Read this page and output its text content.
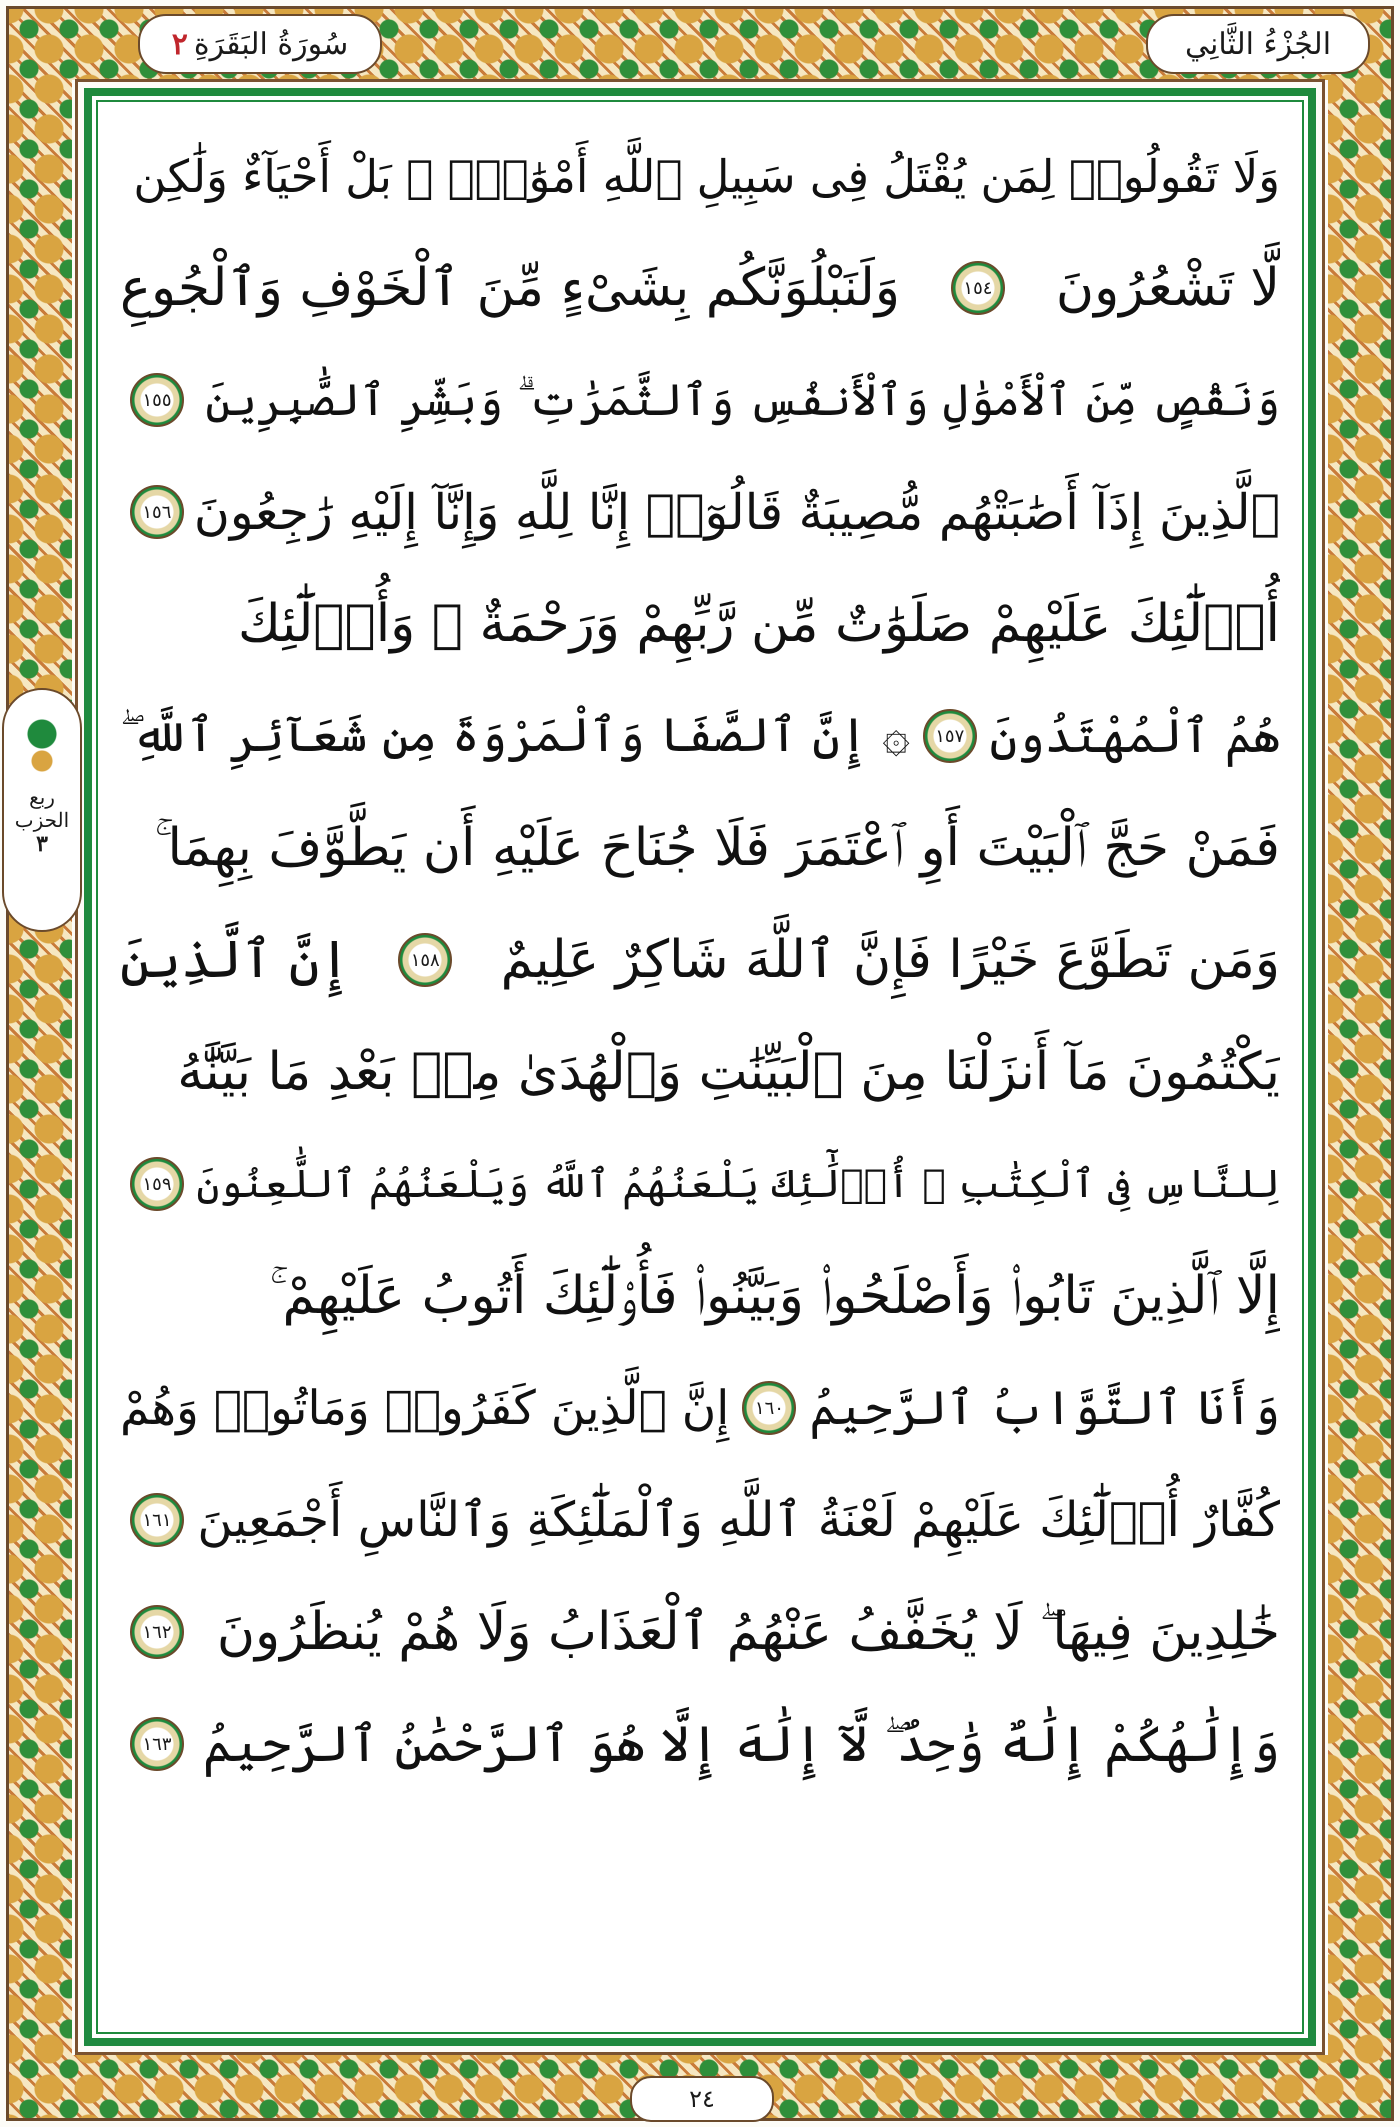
الجُزْءُ الثَّانِي
سُورَةُ البَقَرَةِ
٢
ربع
الحزب
٣
وَلَا تَقُولُوا۟ لِمَن يُقْتَلُ فِى سَبِيلِ ٱللَّهِ أَمْوَٰتٌۢ ۚ بَلْ أَحْيَآءٌ وَلَٰكِن
لَّا تَشْعُرُونَ
١٥٤
وَلَنَبْلُوَنَّكُم بِشَىْءٍ مِّنَ ٱلْخَوْفِ وَٱلْجُوعِ
وَنَقْصٍ مِّنَ ٱلْأَمْوَٰلِ وَٱلْأَنفُسِ وَٱلثَّمَرَٰتِ ۗ وَبَشِّرِ ٱلصَّٰبِرِينَ
١٥٥
ٱلَّذِينَ إِذَآ أَصَٰبَتْهُم مُّصِيبَةٌ قَالُوٓا۟ إِنَّا لِلَّهِ وَإِنَّآ إِلَيْهِ رَٰجِعُونَ
١٥٦
أُو۟لَٰٓئِكَ عَلَيْهِمْ صَلَوَٰتٌ مِّن رَّبِّهِمْ وَرَحْمَةٌ ۖ وَأُو۟لَٰٓئِكَ
هُمُ ٱلْمُهْتَدُونَ
١٥٧
۞ إِنَّ ٱلصَّفَا وَٱلْمَرْوَةَ مِن شَعَآئِرِ ٱللَّهِ ۖ
فَمَنْ حَجَّ ٱلْبَيْتَ أَوِ ٱعْتَمَرَ فَلَا جُنَاحَ عَلَيْهِ أَن يَطَّوَّفَ بِهِمَا ۚ
وَمَن تَطَوَّعَ خَيْرًا فَإِنَّ ٱللَّهَ شَاكِرٌ عَلِيمٌ
١٥٨
إِنَّ ٱلَّذِينَ
يَكْتُمُونَ مَآ أَنزَلْنَا مِنَ ٱلْبَيِّنَٰتِ وَٱلْهُدَىٰ مِنۢ بَعْدِ مَا بَيَّنَّٰهُ
لِلنَّاسِ فِى ٱلْكِتَٰبِ ۙ أُو۟لَٰٓئِكَ يَلْعَنُهُمُ ٱللَّهُ وَيَلْعَنُهُمُ ٱللَّٰعِنُونَ
١٥٩
إِلَّا ٱلَّذِينَ تَابُوا۟ وَأَصْلَحُوا۟ وَبَيَّنُوا۟ فَأُو۟لَٰٓئِكَ أَتُوبُ عَلَيْهِمْ ۚ
وَأَنَا ٱلتَّوَّابُ ٱلرَّحِيمُ
١٦٠
إِنَّ ٱلَّذِينَ كَفَرُوا۟ وَمَاتُوا۟ وَهُمْ
كُفَّارٌ أُو۟لَٰٓئِكَ عَلَيْهِمْ لَعْنَةُ ٱللَّهِ وَٱلْمَلَٰٓئِكَةِ وَٱلنَّاسِ أَجْمَعِينَ
١٦١
خَٰلِدِينَ فِيهَا ۖ لَا يُخَفَّفُ عَنْهُمُ ٱلْعَذَابُ وَلَا هُمْ يُنظَرُونَ
١٦٢
وَإِلَٰهُكُمْ إِلَٰهٌ وَٰحِدٌ ۖ لَّآ إِلَٰهَ إِلَّا هُوَ ٱلرَّحْمَٰنُ ٱلرَّحِيمُ
١٦٣
٢٤
